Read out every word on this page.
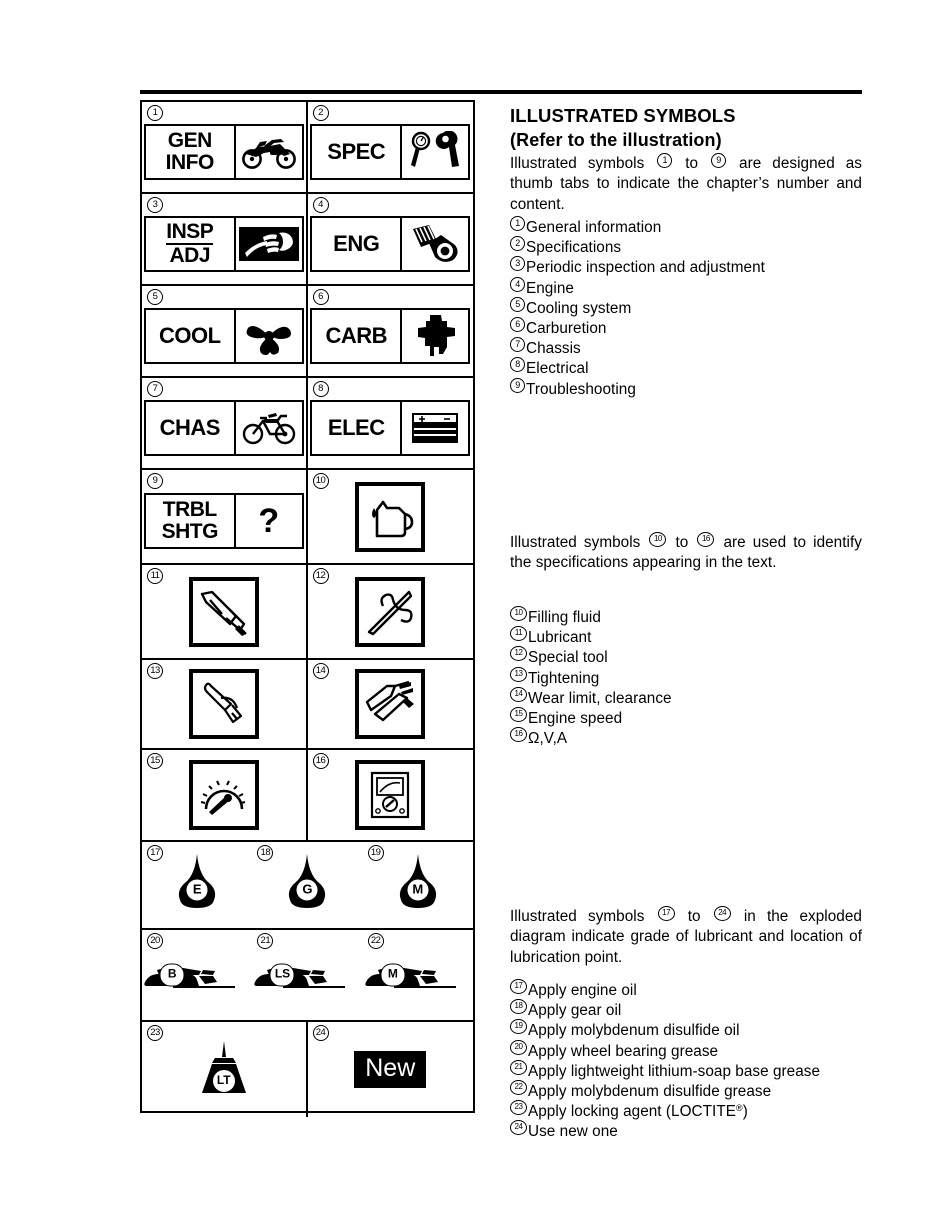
1
GEN
INFO
2
SPEC
3
INSP
ADJ
4
ENG
5
COOL
6
CARB
7
CHAS
8
ELEC
9
TRBL
SHTG ?
10
11	12
13	14
15	16
17
E
18
G
19
M
20
B
21
LS
22
M
23
LT
24
New
ILLUSTRATED SYMBOLS
(Refer to the illustration)
Illustrated symbols 1 to 9 are designed as thumb tabs to indicate the chapter’s number and content.
1 General information
2 Specifications
3 Periodic inspection and adjustment
4 Engine
5 Cooling system
6 Carburetion
7 Chassis
8 Electrical
9 Troubleshooting
Illustrated symbols 10 to 16 are used to identify the specifications appearing in the text.
10 Filling fluid
11 Lubricant
12 Special tool
13 Tightening
14 Wear limit, clearance
15 Engine speed
16 Ω,V,A
Illustrated symbols 17 to 24 in the exploded diagram indicate grade of lubricant and location of lubrication point.
17 Apply engine oil
18 Apply gear oil
19 Apply molybdenum disulfide oil
20 Apply wheel bearing grease
21 Apply lightweight lithium-soap base grease
22 Apply molybdenum disulfide grease
23 Apply locking agent (LOCTITE®)
24 Use new one
